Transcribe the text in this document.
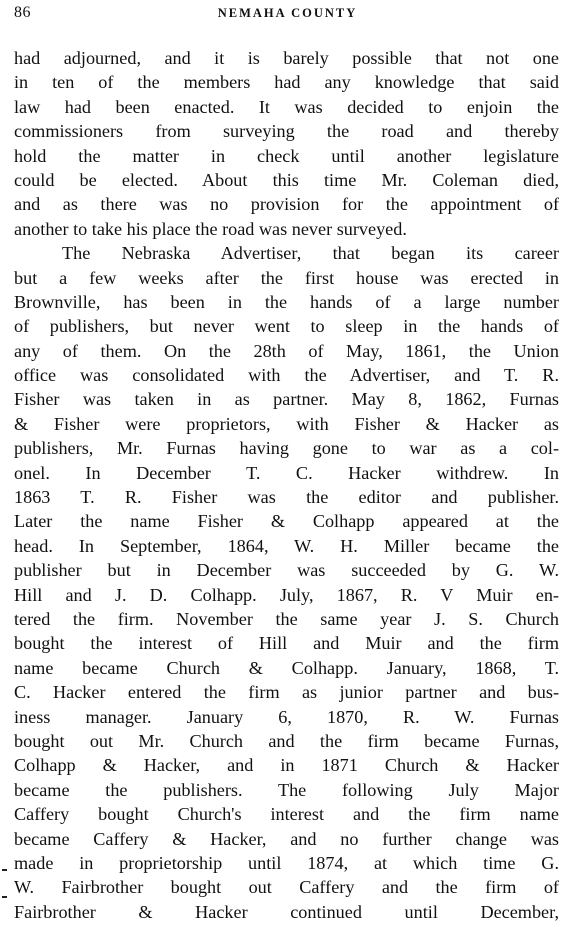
86	NEMAHA COUNTY
had adjourned, and it is barely possible that not one
in ten of the members had any knowledge that said
law had been enacted. It was decided to enjoin the
commissioners from surveying the road and thereby
hold the matter in check until another legislature
could be elected. About this time Mr. Coleman died,
and as there was no provision for the appointment of
another to take his place the road was never surveyed.
The Nebraska Advertiser, that began its career
but a few weeks after the first house was erected in
Brownville, has been in the hands of a large number
of publishers, but never went to sleep in the hands of
any of them. On the 28th of May, 1861, the Union
office was consolidated with the Advertiser, and T. R.
Fisher was taken in as partner. May 8, 1862, Furnas
& Fisher were proprietors, with Fisher & Hacker as
publishers, Mr. Furnas having gone to war as a col-
onel. In December T. C. Hacker withdrew. In
1863 T. R. Fisher was the editor and publisher.
Later the name Fisher & Colhapp appeared at the
head. In September, 1864, W. H. Miller became the
publisher but in December was succeeded by G. W.
Hill and J. D. Colhapp. July, 1867, R. V Muir en-
tered the firm. November the same year J. S. Church
bought the interest of Hill and Muir and the firm
name became Church & Colhapp. January, 1868, T.
C. Hacker entered the firm as junior partner and bus-
iness manager. January 6, 1870, R. W. Furnas
bought out Mr. Church and the firm became Furnas,
Colhapp & Hacker, and in 1871 Church & Hacker
became the publishers. The following July Major
Caffery bought Church's interest and the firm name
became Caffery & Hacker, and no further change was
made in proprietorship until 1874, at which time G.
W. Fairbrother bought out Caffery and the firm of
Fairbrother & Hacker continued until December,
